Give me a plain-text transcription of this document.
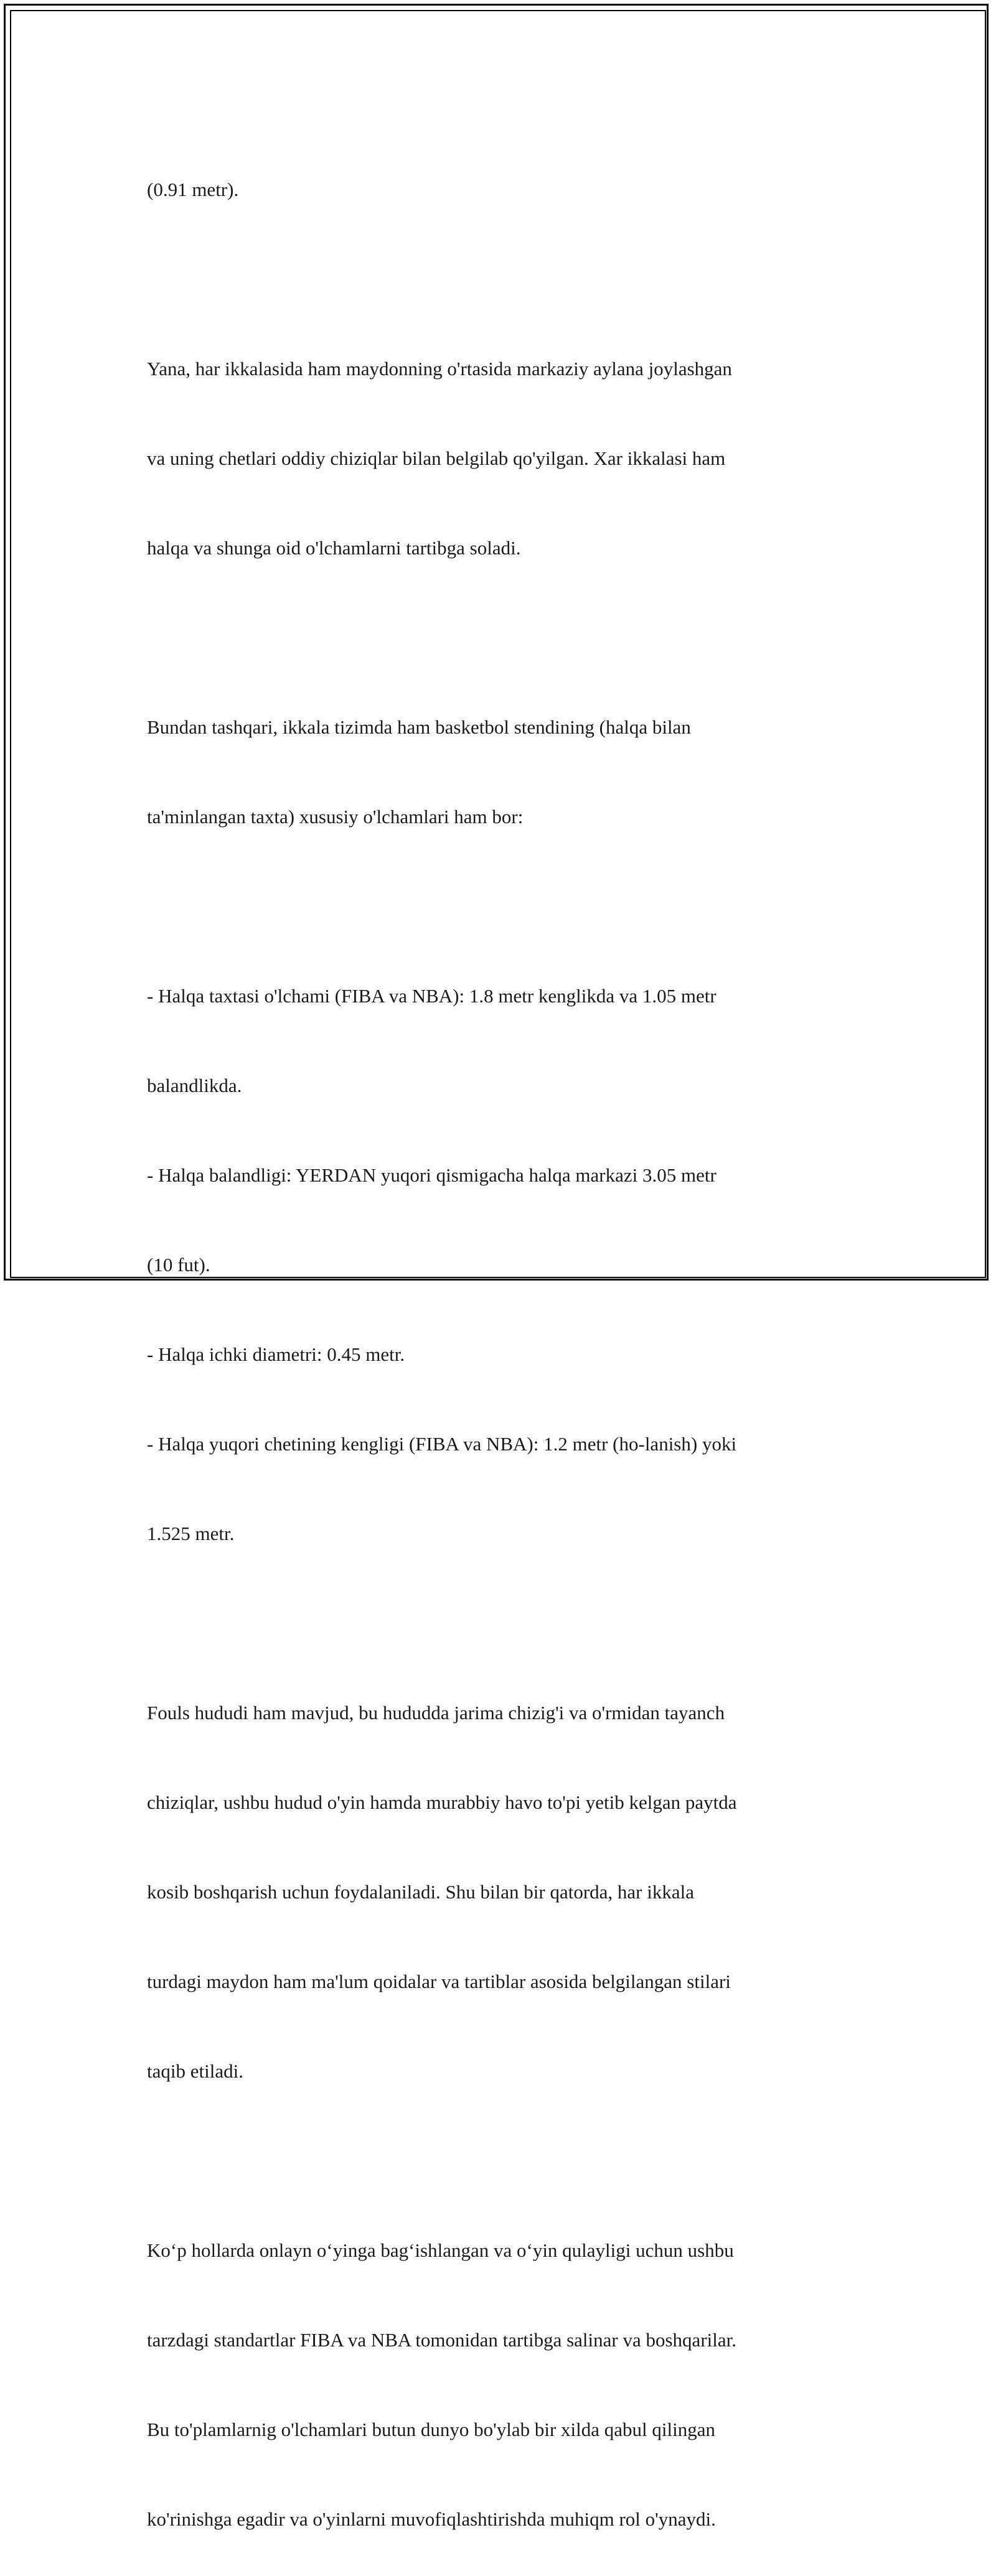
(0.91 metr).

Yana, har ikkalasida ham maydonning o'rtasida markaziy aylana joylashgan

va uning chetlari oddiy chiziqlar bilan belgilab qo'yilgan. Xar ikkalasi ham

halqa va shunga oid o'lchamlarni tartibga soladi.

Bundan tashqari, ikkala tizimda ham basketbol stendining (halqa bilan

ta'minlangan taxta) xususiy o'lchamlari ham bor:

- Halqa taxtasi o'lchami (FIBA va NBA): 1.8 metr kenglikda va 1.05 metr

balandlikda.

- Halqa balandligi: YERDAN yuqori qismigacha halqa markazi 3.05 metr

(10 fut).

- Halqa ichki diametri: 0.45 metr.

- Halqa yuqori chetining kengligi (FIBA va NBA): 1.2 metr (ho-lanish) yoki

1.525 metr.

Fouls hududi ham mavjud, bu hududda jarima chizig'i va o'rmidan tayanch

chiziqlar, ushbu hudud o'yin hamda murabbiy havo to'pi yetib kelgan paytda

kosib boshqarish uchun foydalaniladi. Shu bilan bir qatorda, har ikkala

turdagi maydon ham ma'lum qoidalar va tartiblar asosida belgilangan stilari

taqib etiladi.

Koʻp hollarda onlayn oʻyinga bagʻishlangan va oʻyin qulayligi uchun ushbu

tarzdagi standartlar FIBA va NBA tomonidan tartibga salinar va boshqarilar.

Bu to'plamlarnig o'lchamlari butun dunyo bo'ylab bir xilda qabul qilingan

ko'rinishga egadir va o'yinlarni muvofiqlashtirishda muhiqm rol o'ynaydi.
